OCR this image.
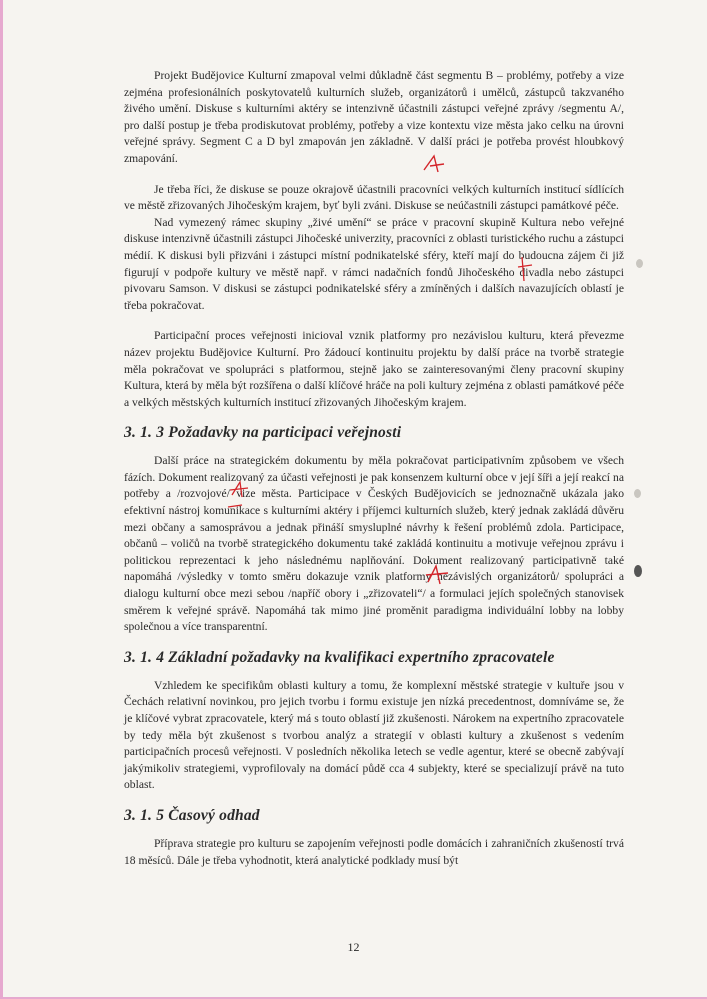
Projekt Budějovice Kulturní zmapoval velmi důkladně část segmentu B – problémy, potřeby a vize zejména profesionálních poskytovatelů kulturních služeb, organizátorů i umělců, zástupců takzvaného živého umění. Diskuse s kulturními aktéry se intenzivně účastnili zástupci veřejné zprávy /segmentu A/, pro další postup je třeba prodiskutovat problémy, potřeby a vize kontextu vize města jako celku na úrovni veřejné správy. Segment C a D byl zmapován jen základně. V další práci je potřeba provést hloubkový zmapování.

Je třeba říci, že diskuse se pouze okrajově účastnili pracovníci velkých kulturních institucí sídlících ve městě zřizovaných Jihočeským krajem, byť byli zváni. Diskuse se neúčastnili zástupci památkové péče.

Nad vymezený rámec skupiny „živé umění“ se práce v pracovní skupině Kultura nebo veřejné diskuse intenzivně účastnili zástupci Jihočeské univerzity, pracovníci z oblasti turistického ruchu a zástupci médií. K diskusi byli přizváni i zástupci místní podnikatelské sféry, kteří mají do budoucna zájem či již figurují v podpoře kultury ve městě např. v rámci nadačních fondů Jihočeského divadla nebo zástupci pivovaru Samson. V diskusi se zástupci podnikatelské sféry a zmíněných i dalších navazujících oblastí je třeba pokračovat.

Participační proces veřejnosti inicioval vznik platformy pro nezávislou kulturu, která převezme název projektu Budějovice Kulturní. Pro žádoucí kontinuitu projektu by další práce na tvorbě strategie měla pokračovat ve spolupráci s platformou, stejně jako se zainteresovanými členy pracovní skupiny Kultura, která by měla být rozšířena o další klíčové hráče na poli kultury zejména z oblasti památkové péče a velkých městských kulturních institucí zřizovaných Jihočeským krajem.

3. 1. 3 Požadavky na participaci veřejnosti

Další práce na strategickém dokumentu by měla pokračovat participativním způsobem ve všech fázích. Dokument realizovaný za účasti veřejnosti je pak konsenzem kulturní obce v její šíři a její reakcí na potřeby a /rozvojové/ vize města. Participace v Českých Budějovicích se jednoznačně ukázala jako efektivní nástroj komunikace s kulturními aktéry i příjemci kulturních služeb, který jednak zakládá důvěru mezi občany a samosprávou a jednak přináší smysluplné návrhy k řešení problémů zdola. Participace, občanů – voličů na tvorbě strategického dokumentu také zakládá kontinuitu a motivuje veřejnou zprávu i politickou reprezentaci k jeho následnému naplňování. Dokument realizovaný participativně také napomáhá /výsledky v tomto směru dokazuje vznik platformy nezávislých organizátorů/ spolupráci a dialogu kulturní obce mezi sebou /napříč obory i „zřizovateli“/ a formulaci jejích společných stanovisek směrem k veřejné správě. Napomáhá tak mimo jiné proměnit paradigma individuální lobby na lobby společnou a více transparentní.

3. 1. 4 Základní požadavky na kvalifikaci expertního zpracovatele

Vzhledem ke specifikům oblasti kultury a tomu, že komplexní městské strategie v kultuře jsou v Čechách relativní novinkou, pro jejich tvorbu i formu existuje jen nízká precedentnost, domníváme se, že je klíčové vybrat zpracovatele, který má s touto oblastí již zkušenosti. Nárokem na expertního zpracovatele by tedy měla být zkušenost s tvorbou analýz a strategií v oblasti kultury a zkušenost s vedením participačních procesů veřejnosti. V posledních několika letech se vedle agentur, které se obecně zabývají jakýmikoliv strategiemi, vyprofilovaly na domácí půdě cca 4 subjekty, které se specializují právě na tuto oblast.

3. 1. 5 Časový odhad

Příprava strategie pro kulturu se zapojením veřejnosti podle domácích i zahraničních zkušeností trvá 18 měsíců. Dále je třeba vyhodnotit, která analytické podklady musí být

12
